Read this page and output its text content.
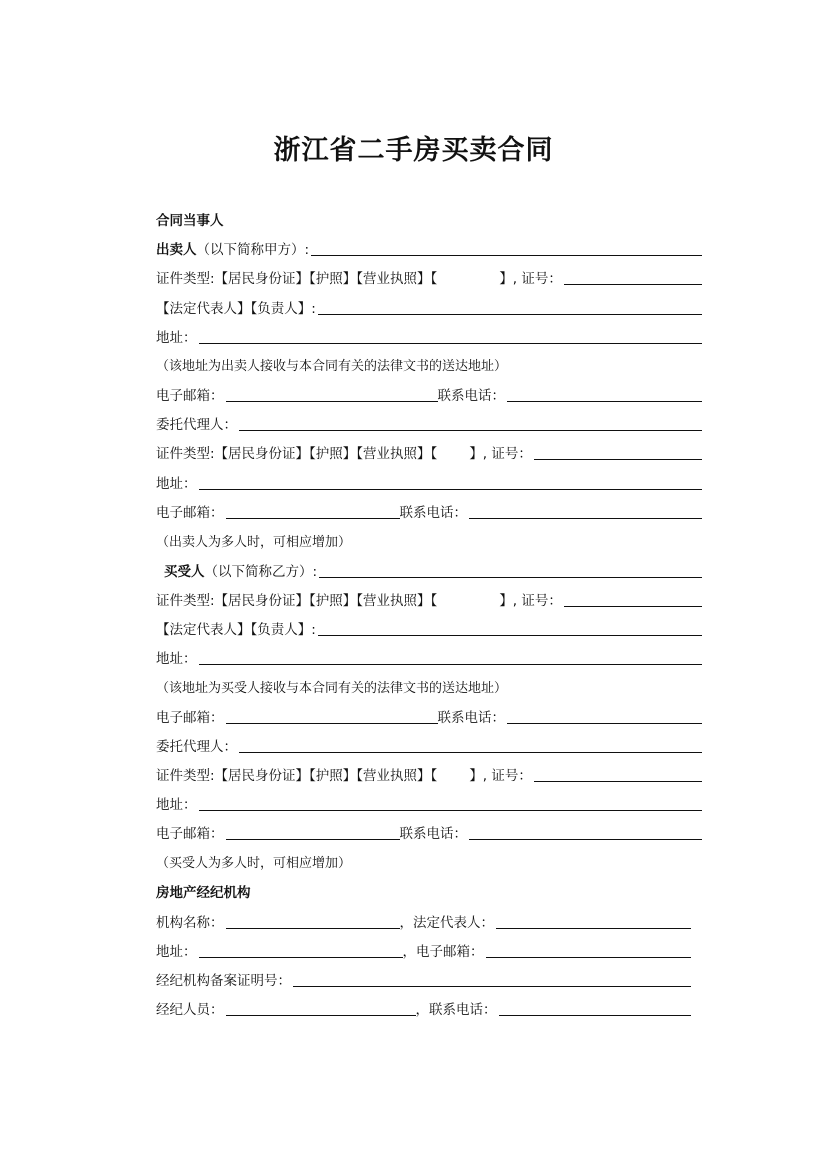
浙江省二手房买卖合同
合同当事人
出卖人 （以下简称甲方）:
证件类型:【居民身份证】【护照】【营业执照】【	】, 证号：
【法定代表人】【负责人】:
地址：
（该地址为出卖人接收与本合同有关的法律文书的送达地址）
电子邮箱：	联系电话：
委托代理人：
证件类型:【居民身份证】【护照】【营业执照】【 】, 证号：
地址：
电子邮箱：	联系电话：
（出卖人为多人时，可相应增加）
买受人 （以下简称乙方）:
证件类型:【居民身份证】【护照】【营业执照】【	】, 证号：
【法定代表人】【负责人】:
地址：
（该地址为买受人接收与本合同有关的法律文书的送达地址）
电子邮箱：	联系电话：
委托代理人：
证件类型:【居民身份证】【护照】【营业执照】【 】, 证号：
地址：
电子邮箱：	联系电话：
（买受人为多人时，可相应增加）
房地产经纪机构
机构名称：	，法定代表人：
地址：	，电子邮箱：
经纪机构备案证明号：
经纪人员：	，联系电话：
